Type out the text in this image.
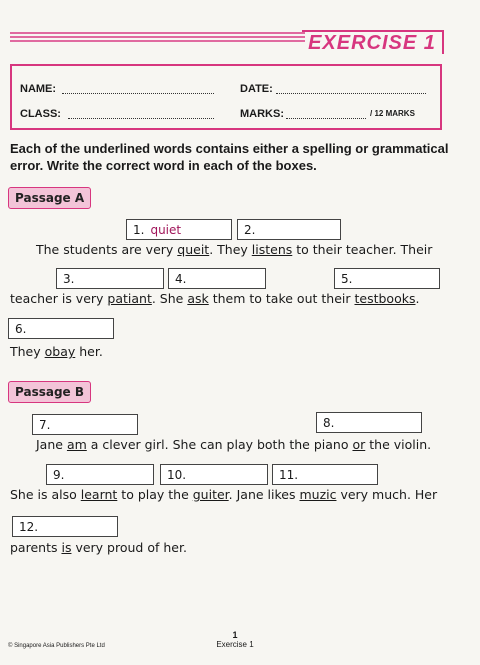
EXERCISE 1
NAME:	DATE:
CLASS:	MARKS:	/ 12 MARKS
Each of the underlined words contains either a spelling or grammatical error. Write the correct word in each of the boxes.
Passage A
1. quiet	2.
The students are very queit. They listens to their teacher. Their
3.	4.	5.
teacher is very patiant. She ask them to take out their testbooks.
6.
They obay her.
Passage B
7.	8.
Jane am a clever girl. She can play both the piano or the violin.
9.	10.	11.
She is also learnt to play the guiter. Jane likes muzic very much. Her
12.
parents is very proud of her.
© Singapore Asia Publishers Pte Ltd
1
Exercise 1
